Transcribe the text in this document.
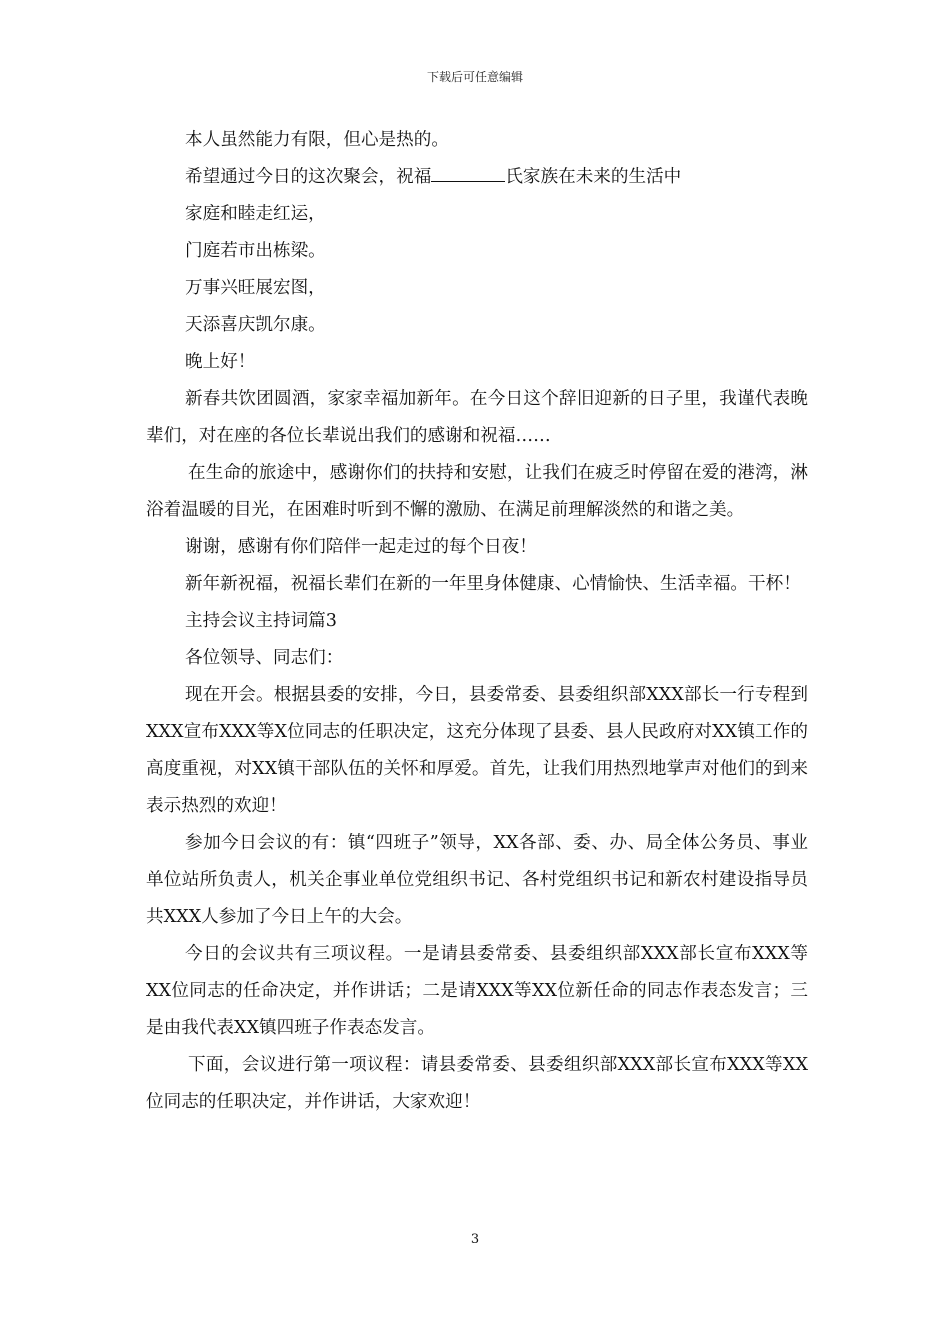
下载后可任意编辑

本人虽然能力有限，但心是热的。

希望通过今日的这次聚会，祝福	氏家族在未来的生活中

家庭和睦走红运，

门庭若市出栋梁。

万事兴旺展宏图，

天添喜庆凯尔康。

晚上好！

新春共饮团圆酒，家家幸福加新年。在今日这个辞旧迎新的日子里，我谨代表晚辈们，对在座的各位长辈说出我们的感谢和祝福……

在生命的旅途中，感谢你们的扶持和安慰，让我们在疲乏时停留在爱的港湾，淋浴着温暖的目光，在困难时听到不懈的激励、在满足前理解淡然的和谐之美。

谢谢，感谢有你们陪伴一起走过的每个日夜！

新年新祝福，祝福长辈们在新的一年里身体健康、心情愉快、生活幸福。干杯！

主持会议主持词篇3

各位领导、同志们：

现在开会。根据县委的安排，今日，县委常委、县委组织部XXX部长一行专程到XXX宣布XXX等X位同志的任职决定，这充分体现了县委、县人民政府对XX镇工作的高度重视，对XX镇干部队伍的关怀和厚爱。首先，让我们用热烈地掌声对他们的到来表示热烈的欢迎！

参加今日会议的有：镇“四班子”领导，XX各部、委、办、局全体公务员、事业单位站所负责人，机关企事业单位党组织书记、各村党组织书记和新农村建设指导员共XXX人参加了今日上午的大会。

今日的会议共有三项议程。一是请县委常委、县委组织部XXX部长宣布XXX等XX位同志的任命决定，并作讲话；二是请XXX等XX位新任命的同志作表态发言；三是由我代表XX镇四班子作表态发言。

下面，会议进行第一项议程：请县委常委、县委组织部XXX部长宣布XXX等XX位同志的任职决定，并作讲话，大家欢迎！

3
